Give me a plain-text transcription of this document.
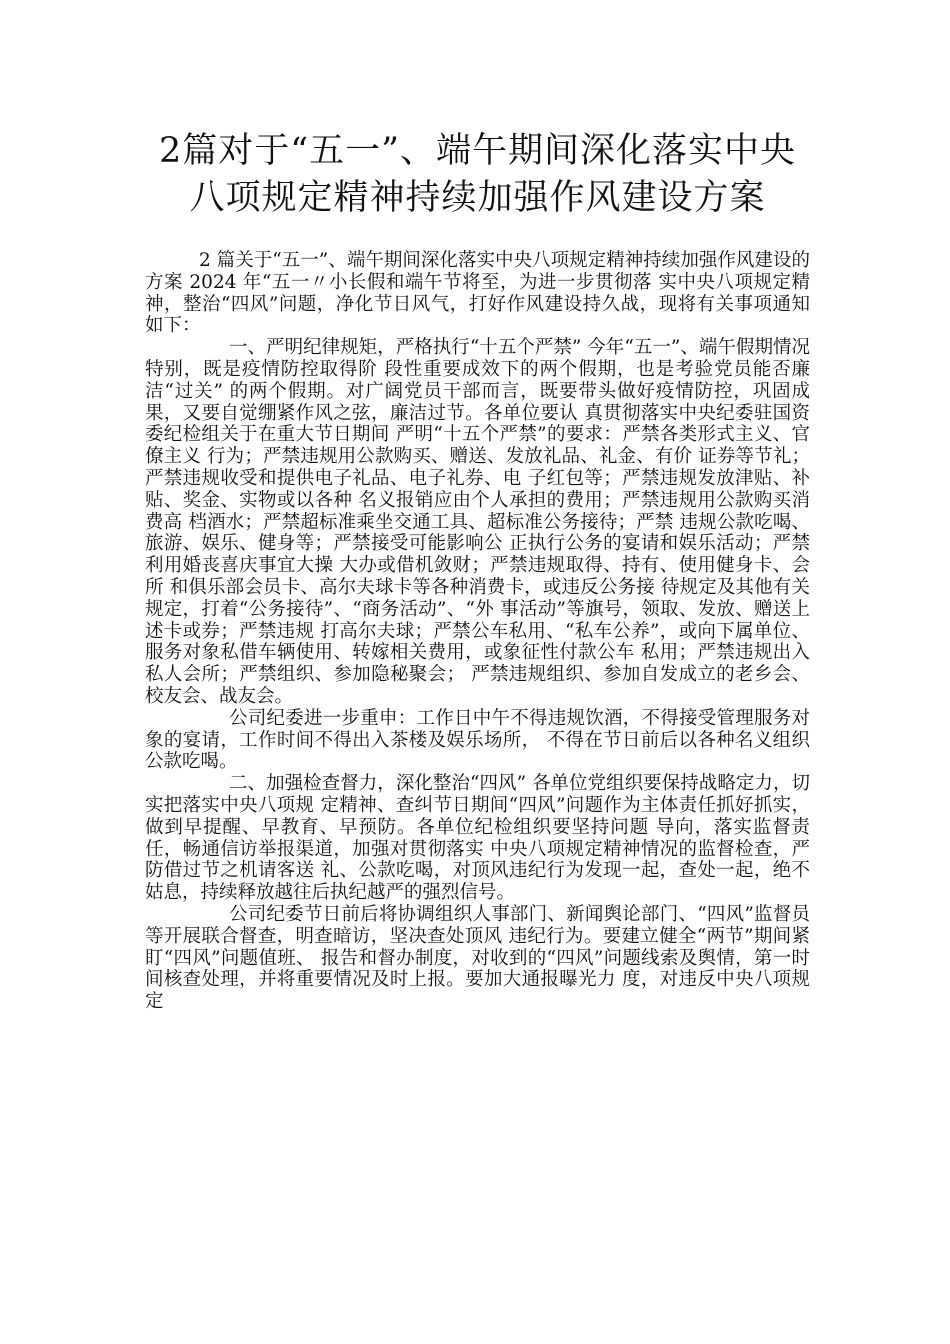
2篇对于“五一”、端午期间深化落实中央
八项规定精神持续加强作风建设方案

2 篇关于“五一”、端午期间深化落实中央八项规定精神持续加强作风建设的方案 2024 年“五一〃小长假和端午节将至，为进一步贯彻落 实中央八项规定精神，整治“四风”问题，净化节日风气，打好作风建设持久战，现将有关事项通知如下：

一、严明纪律规矩，严格执行“十五个严禁” 今年“五一”、端午假期情况特别，既是疫情防控取得阶 段性重要成效下的两个假期，也是考验党员能否廉洁“过关” 的两个假期。对广阔党员干部而言，既要带头做好疫情防控，巩固成果，又要自觉绷紧作风之弦，廉洁过节。各单位要认 真贯彻落实中央纪委驻国资委纪检组关于在重大节日期间 严明“十五个严禁”的要求：严禁各类形式主义、官僚主义 行为；严禁违规用公款购买、赠送、发放礼品、礼金、有价 证券等节礼；严禁违规收受和提供电子礼品、电子礼券、电 子红包等；严禁违规发放津贴、补贴、奖金、实物或以各种 名义报销应由个人承担的费用；严禁违规用公款购买消费高 档酒水；严禁超标准乘坐交通工具、超标准公务接待；严禁 违规公款吃喝、旅游、娱乐、健身等；严禁接受可能影响公 正执行公务的宴请和娱乐活动；严禁利用婚丧喜庆事宜大操 大办或借机敛财；严禁违规取得、持有、使用健身卡、会所 和俱乐部会员卡、高尔夫球卡等各种消费卡，或违反公务接 待规定及其他有关规定，打着“公务接待”、“商务活动”、“外 事活动”等旗号，领取、发放、赠送上述卡或券；严禁违规 打高尔夫球；严禁公车私用、“私车公养”，或向下属单位、 服务对象私借车辆使用、转嫁相关费用，或象征性付款公车 私用；严禁违规出入私人会所；严禁组织、参加隐秘聚会； 严禁违规组织、参加自发成立的老乡会、校友会、战友会。

公司纪委进一步重申：工作日中午不得违规饮酒，不得接受管理服务对象的宴请，工作时间不得出入茶楼及娱乐场所， 不得在节日前后以各种名义组织公款吃喝。

二、加强检查督力，深化整治“四风” 各单位党组织要保持战略定力，切实把落实中央八项规 定精神、查纠节日期间“四风”问题作为主体责任抓好抓实， 做到早提醒、早教育、早预防。各单位纪检组织要坚持问题 导向，落实监督责任，畅通信访举报渠道，加强对贯彻落实 中央八项规定精神情况的监督检查，严防借过节之机请客送 礼、公款吃喝，对顶风违纪行为发现一起，查处一起，绝不 姑息，持续释放越往后执纪越严的强烈信号。

公司纪委节日前后将协调组织人事部门、新闻舆论部门、“四风”监督员等开展联合督查，明查暗访，坚决查处顶风 违纪行为。要建立健全“两节”期间紧盯“四风”问题值班、 报告和督办制度，对收到的“四风”问题线索及舆情，第一时间核查处理，并将重要情况及时上报。要加大通报曝光力 度，对违反中央八项规定
